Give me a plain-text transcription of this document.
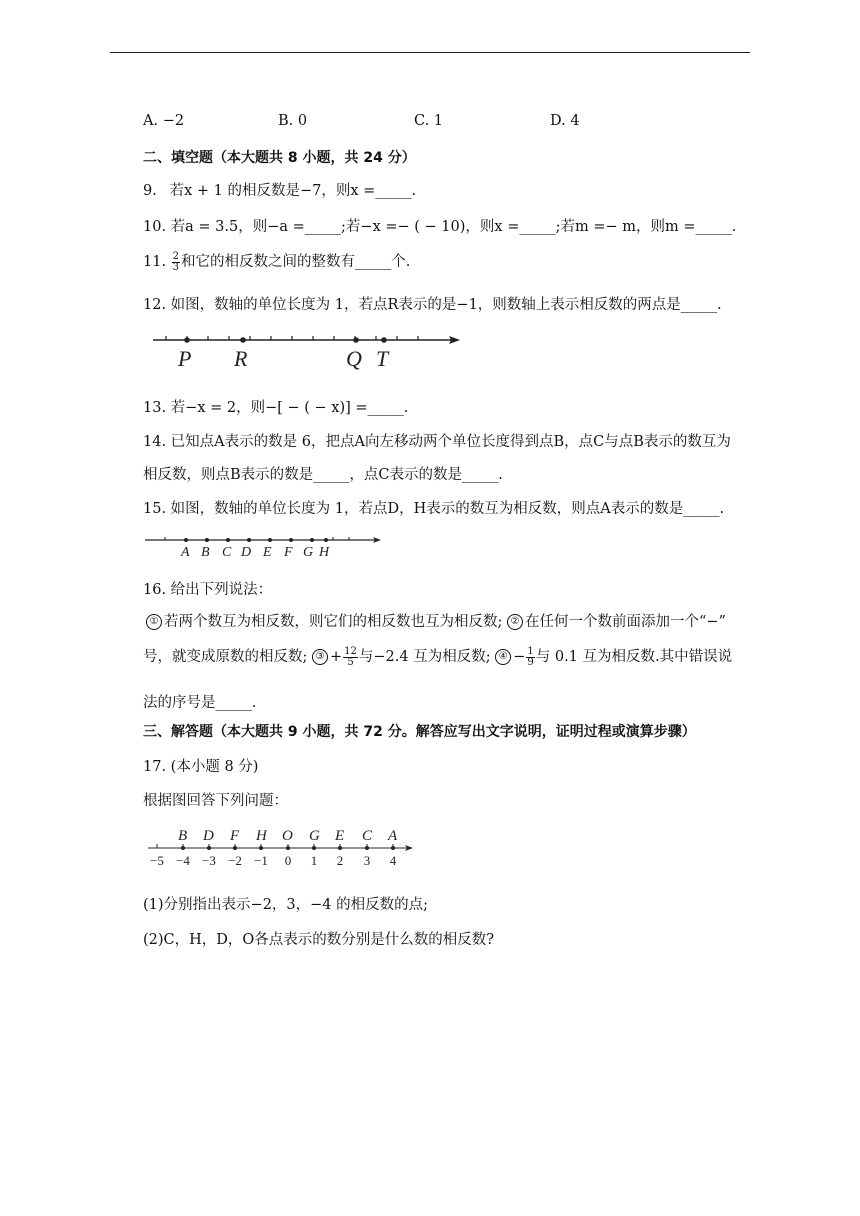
A. −2	B. 0	C. 1	D. 4
二、填空题（本大题共 8 小题，共 24 分）
9. 若x + 1 的相反数是−7，则x =_____.
10. 若a = 3.5，则−a =_____;若−x =− ( − 10)，则x =_____;若m =− m，则m =_____.
11. $\frac{2}{3}$ 和它的相反数之间的整数有_____个.
12. 如图，数轴的单位长度为 1，若点R表示的是−1，则数轴上表示相反数的两点是_____.
P R	Q T
13. 若−x = 2，则−[ − ( − x)] =_____.
14. 已知点A表示的数是 6，把点A向左移动两个单位长度得到点B，点C与点B表示的数互为
相反数，则点B表示的数是_____，点C表示的数是_____.
15. 如图，数轴的单位长度为 1，若点D，H表示的数互为相反数，则点A表示的数是_____.
A B C D E F G H
16. 给出下列说法：
① 若两个数互为相反数，则它们的相反数也互为相反数; ② 在任何一个数前面添加一个“−”
号，就变成原数的相反数; ③ + $\frac{12}{5}$ 与−2.4 互为相反数; ④ − $\frac{1}{9}$ 与 0.1 互为相反数.其中错误说
法的序号是_____.
三、解答题（本大题共 9 小题，共 72 分。解答应写出文字说明，证明过程或演算步骤）
17. (本小题 8 分)
根据图回答下列问题：
B D F H O G E C A
−5 −4 −3 −2 −1 0 1 2 3 4
(1)分别指出表示−2，3，−4 的相反数的点;
(2)C，H，D，O各点表示的数分别是什么数的相反数?
